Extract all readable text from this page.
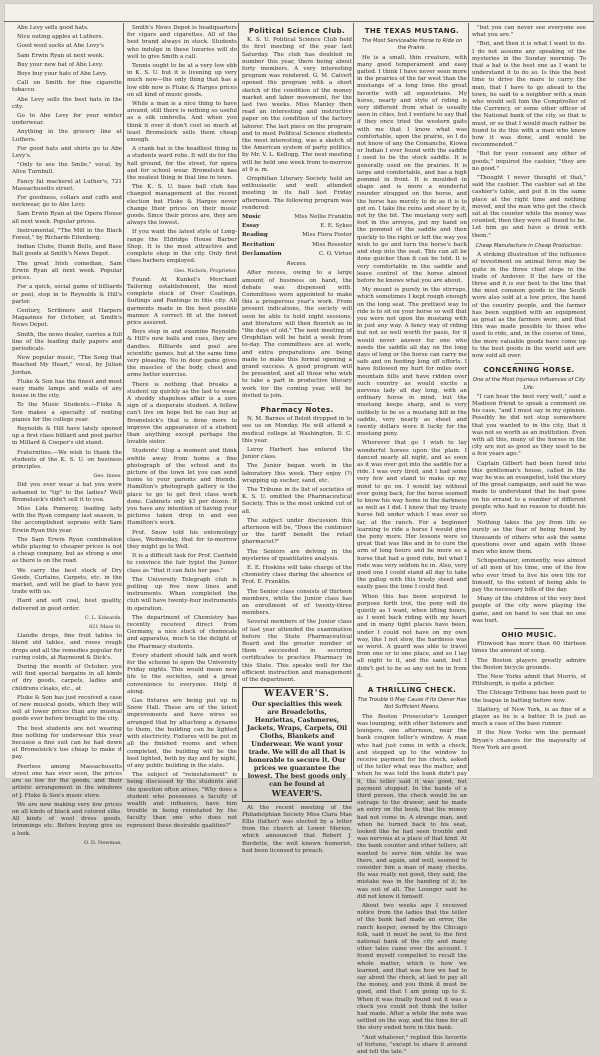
Abe Levy sells good hats.

Nice outing apples at Luthers.

Good wool socks at Abe Levy's

Sam Erwin Ryan at next week.

Buy your new hat of Abe Levy.

Boys buy your hats of Abe Levy.

Call on Smith for fine cigarette tobacco.

Abe Levy sells the best hats in the city.

Go to Abe Levy for your winter underwear.

Anything in the grocery line at Luthers.

For good hats and shirts go to Abe Levy's.

"Only to see the Smile," vocal, by Alice Turnbull.

Fancy fat mackerel at Luther's, 721 Massachusetts street.

For goodness, collars and cuffs and neckwear, go to Abe Levy.

Sam Erwin Ryan at the Opera House all next week. Popular prices.

Instrumental, "The Mill in the Black Forest," by Richards Eilenberg.

Indian Clubs, Dumb Bells, and Base Ball goods at Smith's News Depot.

The great Irish comedian, Sam Erwin Ryan all next week. Popular prices.

For a quick, social game of billiards or pool, stop in to Reynolds & Hill's parlor.

Century, Scribners and Harpers Magazines for October, at Smith's News Depot.

Smith, the news dealer, carries a full line of the leading daily papers and periodicals.

New popular music, "The Song that Reached My Heart," vocal, by Julian Jordan.

Fluke & Son has the finest and most easy made lamps and walls of any house in the city.

To the Music Students.—Fluke & Son makes a specialty of renting pianos for the college year.

Reynolds & Hill have lately opened up a first class billiard and pool parlor in Millard & Cooper's old stand.

Fraternities.—We wish to thank the students of the K. S. U. on business principles.

Geo. Innes.

Did you ever wear a hat you were ashamed to "tip" to the ladies? Well Bromelsick's didn't sell it to you.

Miss Lida Pomeroy, leading lady with the Ryan company last season, is the accomplished soprano with Sam Erwin Ryan this year.

The Sam Erwin Ryan combination while playing to cheaper prices is not a cheap company, but as strong a one as there is on the road.

We carry the best stock of Dry Goods, Curtains, Carpets, etc. in the market, and will be glad to have you trade with us.

Hard and soft coal, best quality, delivered in good order.

C. L. Edwards.

821 Mass St.

Llandie drops, fine fruit tables to blend old tables, and roses rough drops and all the remedies popular for curing colds, at Raymond & Dick's.

During the month of October, you will find special bargains in all kinds of dry goods, carpets, ladies and childrens cloaks, etc., at

Fluke & Son has just received a case of new musical goods, which they will sell at lower prices than any musical goods ever before brought to the city.

The best students are not wearing fine nothing for underwear this year because a fine suit can be had down at Bromelsick's too cheap to make it pay.

Peerless among Massachusetts street one has ever seen, the prices are so low for the goods, and their artistic arrangement in the windows of J. Fluke & Son's music store.

We are now making very low prices on all kinds of black and colored silks. All kinds of wool dress goods, trimmings etc. Before buying give us a look.

O. D. Newman.

Smith's News Depot is headquarters for cigars and cigarettes. All of the best brand always in stock. Students who indulge in these luxuries will do well to give Smith a call.

Tennis ought to be at a very low ebb in K. S. U. but it is livening up very much now—the only thing that has a low ebb now is Fluke & Harges prices on all kind of music goods.

While a man is a nice thing to have around, still there is nothing so useful as a silk umbrella. And when you think it over it don't cost so much at least Bromelsick sells them cheap enough.

A crank hat is the headliest thing in a students ward robe. It will do for the hall ground, for the street, for opera and for school wear. Bromelsick has the neatest thing in that line in town.

The K. S. U. base ball club has changed management at the recent election but Fluke & Harges never change their prices on their music goods. Since their prices are, they are always the lowest.

If you want the latest style of Long-range the Eldridge House Barber Shop. It is the most attractive and complete shop in the city. Only first class barbers employed.

Geo. Nichols, Proprietor.

Found: At Kunkel's Merchant Tailoring establishment, the most complete stock of Over Coatings, Suitings and Pantings in this city. All garments made in the best possible manner. A correct fit at the lowest price assured.

Boys step in and examine Reynolds & Hill's new balls and cues, they are dandies. Billiards and pool are scientific games, but at the same time very pleasing. No in door game gives the muscles of the body, chest and arms better exercise.

There is nothing that breaks a student up quickly as the last to wear. A shoddy shapeless affair is a sure sign of a desperate student. A fellow can't live on hope but he can buy at Bromelsick's that is done more to improve the appearance of a student than anything except perhaps the lovable sister.

Students' Stop a moment and think awhile away from home a fine photograph of the school and its picture of the town let you can send home to your parents and friends. Hamilton's photograph gallery is the place to go to get first class work done. Cabinets only $3 per dozen. If you have any intention of having your pictures taken drop in and see Hamilton's work.

Prof. Snow told his entomology class, Wednesday, that for to-morrow they might go to Well.

It is a difficult task for Prof. Canfield to convince the fair typist the Junior class as "that it can fails her pas."

The University Telegraph club is putting up five new lines and instruments. When completed the club will have twenty-four instruments in operation.

The department of Chemistry has recently received direct from Germany, a nice stock of chemicals and apparatus, much to the delight of the Pharmacy students.

Every student should talk and work for the scheme to open the University Friday nights. This would mean new life to the societies, and a great convenience to everyone. Help it along.

Gas fixtures are being put up in Snow Hall. These are of the latest improvements and have wires so arranged that by attaching a dynamo to them, the building can be lighted with electricity. Fixtures will be put in all the finished rooms and when completed, the building will be the best lighted, both by day and by night, of any public building in the state.

The subject of "reinstatement" is being discussed by the students and the question often arises, "Why does a student who possesses a faculty of wealth and influence, have him trouble in being reinstated by the faculty than one who does not represent these desirable qualities?"

Political Science Club.

K. S. U. Political Science Club held its first meeting of the year last Saturday. The club has doubled in number this year, there being about forty members. A very interesting program was rendered. G. M. Calvert opened the program with a short sketch of the condition of the money market and labor movement, for the last two weeks. Miss Manley then read an interesting and instructive paper on the condition of the factory laborer. The last piece on the program and to most Political Science students the most interesting, was a sketch of the American system of party politics, by Mr. V. L. Kellogg. The next meeting will be held one week from to-morrow at 9 a. m.

Orophilian Literary Society held an enthusiastic and well attended meeting in its hall last Friday afternoon. The following program was rendered:

Music	Miss Nellie Franklin

Essay	E. E. Sykes

Reading	Miss Flora Foster

Recitation	Miss Rosseter

Declamation	C. O. Virtue

Recess.

After recess, owing to a large amount of business on hand, the debate was dispensed with. Committees were appointed to make this a prosperous year's work. From present indications, the society will soon be able to hold night sessions, and literature will then flourish as in "the days of old." The next meeting of Orophilian will be held a week from to-day. The committees are at work, and extra preparations are being made to make this formal opening a grand success. A good program will be presented, and all those who wish to take a part in productive literary work for the coming year, will be invited to join.

Pharmacy Notes.

N. M. Barnes of Beloit dropped in to see us on Monday. He will attend a medical college at Washington, D. C. this year.

Leroy Harbert has entered the Junior class.

The Junior began work in the laboratory this week. They enjoy (?) wrapping up sucher, sand, etc.

The Tribune in its list of societies of K. S. U. omitted the Pharmaceutical Society. This is the most unkind cut of all.

The subject under discussion this afternoon will be, "Does the continuer or the tariff benefit the retail pharmacist?"

The Seniors are delving in the mysteries of quantitative analysis.

E. E. Hoskins will take charge of the chemistry class during the absence of Prof. E. Franklin.

The Senior class consists of thirteen members, while the Junior class has an enrollment of of twenty-three members.

Several members of the Junior class of last year attended the examination before the State Pharmaceutical Board and the greater number of them succeeded in securing certificates to practice Pharmacy in this State. This speaks well for the efficient instruction and management of the department.

WEAVER'S.
Our specialties this week are Broadcloths, Henriettas, Cashmeres, Jackets, Wraps, Carpets, Oil Cloths, Blankets and Underwear. We want your trade. We will do all that is honorable to secure it. Our prices we guarantee the lowest. The best goods only can be found at
WEAVER'S.

At the recent meeting of the Philadelphian Society Miss Clara Mae Ellis (father) was elected by a letter from the church at Lower Merion, which announced that Robert J. Burdette, the well known humorist, had been licensed to preach.

THE TEXAS MUSTANG.
The Most Serviceable Horse to Ride on the Prairie.

He is a small, thin creature, with many good temperament and easy gaited. I think I have never seen more in the prairies of the far west than the mustangs of a long time the great favorite with all equestrians. My horse, nearly and style of riding is very different from what is usually seen in cities, but I venture to say that if they once tried the western gaits with me that I know what was comfortable, upon the prairie, so I do not know of any the Comanche, Kiowa or Indian I ever found with the saddle I used to be the stock saddle. It is generally used on the prairies. It is large and comfortable, and has a high pommel in front. It is moulded in shape and is more a wonderful rounder strapped on the horse, and the horse has merely to do as it is to get on. I take the reins and steer by it, not by the bit. The mustang very soft foot in the arroyos, put my hand on the pommel of the saddle and then quickly to the right or left the way you wish to go and turn the horse's back and step into the seat. This can all be done quicker than it can be told. It is very comfortable in the saddle and leave control of the horse almost before he knows what you are about.

My mount is purely in the stirrups, which sometimes I kept rough enough on the long seat. The prettiest way to ride is to sit on your horse so well that you were not upon the mustang with in just any way. A fancy way of riding but not so well worth for pasis, for it would never answer for one who needs the saddle all day on the long days of long or the horse can carry me safe and on feeding long off efforts. I have followed my hurt for miles over mountain hills and have ridden over such country as would excite a nervous lady all day long, with an ordinary horse in mind, but the mustang keeps sharp, and is very unlikely to be so a mustang kill in the saddle, very nearly as sheet and twenty dollars were it lucky for the mustang pony.

Wherever that go I wish to lay wonderful horses upon the plain. I danced nearly all night, and as soon as it was over got into the saddle for a ride. I was very tired, and I had some very few and stand to make up my mind to go on. I would lay without ever going back, for the horse seemed to know his way home in the darkness as well as I did. I knew that my trusty horse fell under which I was ever so far, at the ranch. For a beginner learning to ride a horse I would give the pony more. Her lessons were so great that was like and in to cure the arm of long hours and be more so a horse that had a good ride, but what I rode was very seldom he in. Also, very good one I could stand all day to take the gallop with this trusty steed and easily pass the time I could find.

When this has been acquired to purpose forth trot, the pony will do quietly as I want, when lifting hours, as I went back riding with my heart and in many tight places have been, under I could not have on my own way, like I not slow, the hardness was so worst. A guard was able to travel from one or to one place, and so I lay all night to it, and the sand, but I didn't get to be so any not be in from it.

A THRILLING CHECK.
The Trouble It May Cause if Its Owner Has Not Sufficient Means.

The Boston Prosecutor's Lounger was lounging, with other listeners and loungers, one afternoon, near the bank coupon teller's window. A man who had just come in with a check, and stepped up to the window to receive payment for his check, asked of the teller what was the matter, and when he was told the bank didn't pay it, the teller said it was good, but payment stopped. In the hands of a third person, the check would be an outrage to the drawer, and he made an entry on the book, that the money had not come in. A strange man, and when he turned back to his seat, looked like he had seen trouble and was nervous at a place of that kind. At the bank counter and other tellers, all wanted to serve him while he was there, and again, and well, seemed to consider him a man of many checks. He was really not good, they said, the mistake was in the handing of it; he was out of all. The Lounger said he did not know it himself.

About two weeks ago I received notice from the ladies that the teller of the bank had made an error, the ranch keeper, owned by the Chicago folk, said it must be sent to the first national bank of the city and many other tales came over the account. I found myself compelled to recall the whole matter, which is how we learned, and that was how we had to say about the check, at last to pay all the money, and you think it must be good, and that I am going up to it. When it was finally found out it was a check you could not think the teller had made. After a while the note was settled on the way, and the time for all the story ended here in this bank.

"And whatever," replied this favorite of fortune, "except to share it around and tell the tale."

"but you can never see everyone see what you are."

"But, and then it is what I want to do. I do not assume any speaking of the mysteries in the Sunday morning. To that a hat is the best one as I want to understand it to do so. Is this the best time to drive the mare to carry the man, that I have to go ahead to the town, he said to a neighbor with a man who would sell him the Comptroller of the Currency, or some other officer of the National bank of the city, so that is must, or so that I would much rather be found to do this with a man who knew how it was done, and would be recommended."

"But for your consent any other of goods," inquired the cashier, "they are no good."

"Thought I never thought of that," said the cashier. The cashier sat at the cashier's table, and put it in the same place at the right time and nothing moved, and the man who got the check sat at the counter while the money was counted, then they were all found to be. Let him go and have a drink with them."

Cheap Manufacture in Cheap Production.

A striking illustration of the influence of investment on animal force may be quite in the three chief steps in the trade of Andover. If the fare of the three and it is our best to the line that the most common goods in the South were also sold at a low price, the hand of the country people, and the farmer has been supplied with an equipment as great as the farmers were, and that this was made possible to those who used to ride, and, in the course of time, the more valuable goods have come up to the best goods in the world and are now sold all over.

CONCERNING HORSE.
One of the Most Injurious Influences of City Life.

"I can hear the best very well," said a Madison friend to speak a comment on his case, "and I must say in my opinion. Possibly he did not stop somewhere that you wanted to in the city, that it was not so worth as an institution. Even with all this, many of the horses in the city are not as good as they used to be a few years ago."

Captain Gilbert had been lured into this gentleman's house, called in the way he was an evangelist, told the story of the great campaign, and said he was made to understand that he had gone on his errand to a number of different people who had no reason to doubt his story.

Nothing takes the joy from life so surely as the fear of being found by thousands of others who ask the same questions over and again with those men who know them.

Schopenhauer, eminently, was almost of all men of his time, one of the few who ever tried to live his own life for himself, to the extent of being able to pay the necessary bills of the day.

Many of the children of the very best people of the city were playing the game, and on hand to see that no one was hurt.

OHIO MUSIC.

Flinwood has more than 60 thirteen times the amount of song.

The Boston players greatly admire the Boston bicycle grounds.

The New Yorks admit that Morris, of Pittsburgh, is quite a pitcher.

The Chicago Tribune has been paid to the league in batting before now.

Slattery, of New York, is as fine of a player as he is a batter. It is just as much a case of the base runner.

If the New Yorks win the pennant Bryan's chances for the mayoralty of New York are good.
